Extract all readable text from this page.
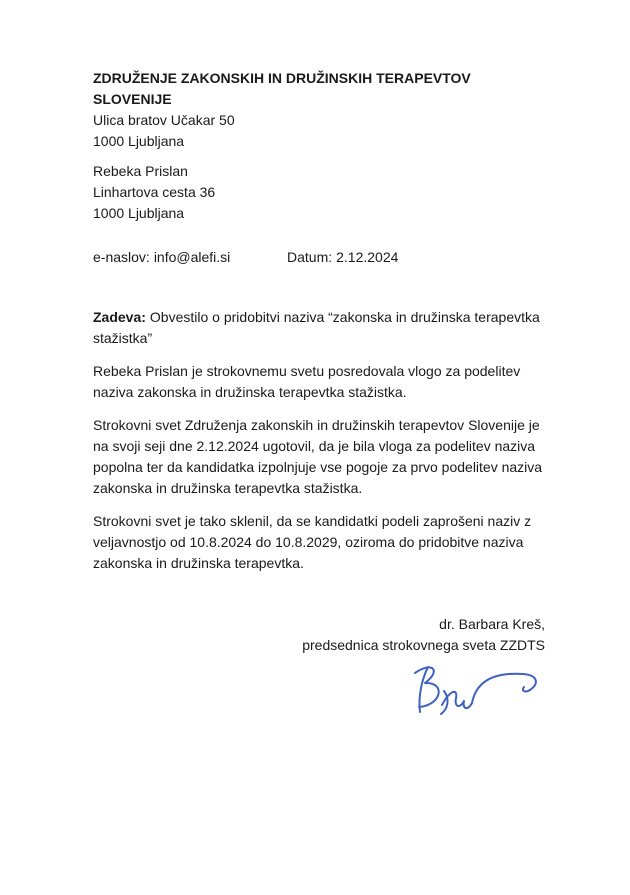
ZDRUŽENJE ZAKONSKIH IN DRUŽINSKIH TERAPEVTOV SLOVENIJE
Ulica bratov Učakar 50
1000 Ljubljana
Rebeka Prislan
Linhartova cesta 36
1000 Ljubljana
e-naslov: info@alefi.si	Datum: 2.12.2024
Zadeva: Obvestilo o pridobitvi naziva “zakonska in družinska terapevtka stažistka”

Rebeka Prislan je strokovnemu svetu posredovala vlogo za podelitev naziva zakonska in družinska terapevtka stažistka.

Strokovni svet Združenja zakonskih in družinskih terapevtov Slovenije je na svoji seji dne 2.12.2024 ugotovil, da je bila vloga za podelitev naziva popolna ter da kandidatka izpolnjuje vse pogoje za prvo podelitev naziva zakonska in družinska terapevtka stažistka.

Strokovni svet je tako sklenil, da se kandidatki podeli zaprošeni naziv z veljavnostjo od 10.8.2024 do 10.8.2029, oziroma do pridobitve naziva zakonska in družinska terapevtka.

dr. Barbara Kreš,
predsednica strokovnega sveta ZZDTS
